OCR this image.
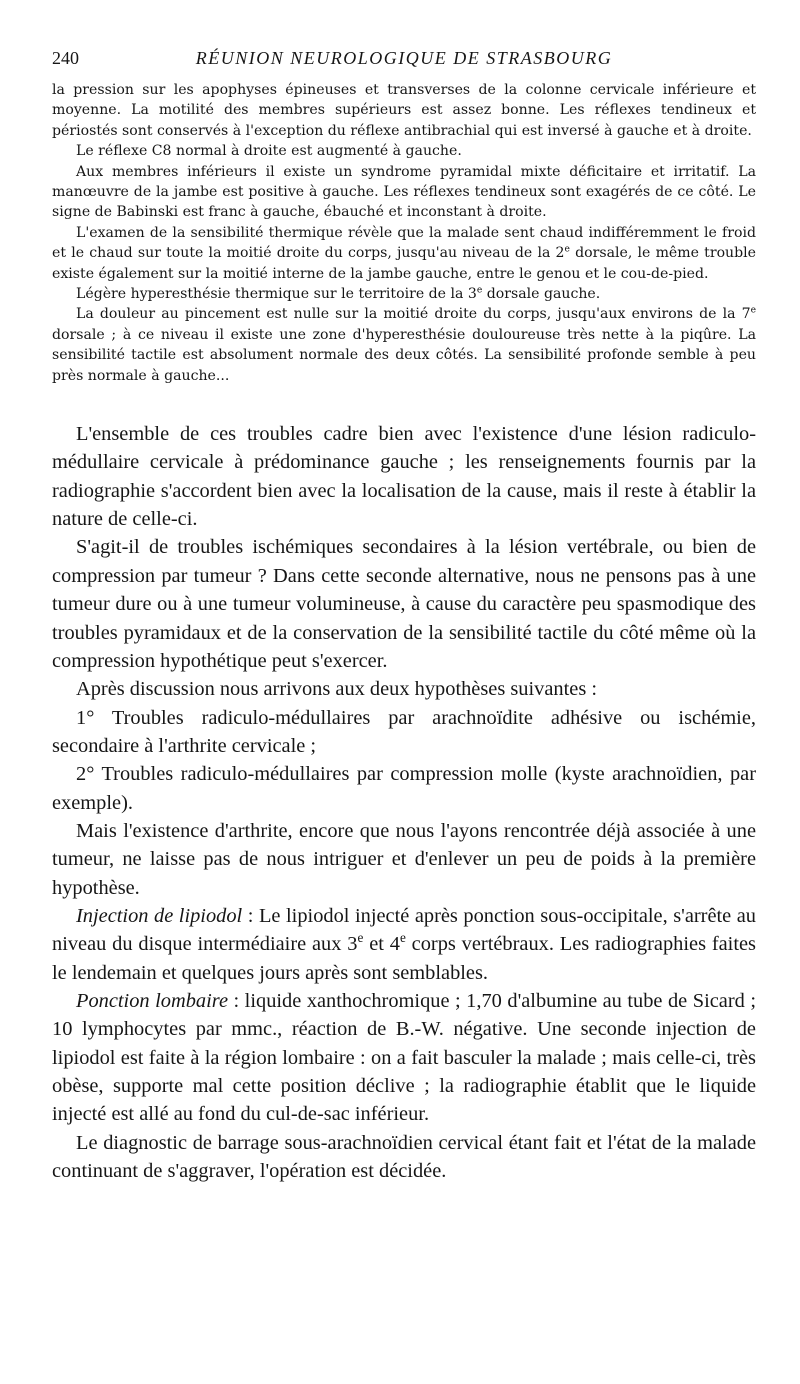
240	RÉUNION NEUROLOGIQUE DE STRASBOURG

la pression sur les apophyses épineuses et transverses de la colonne cervicale inférieure et moyenne. La motilité des membres supérieurs est assez bonne. Les réflexes tendineux et périostés sont conservés à l'exception du réflexe antibrachial qui est inversé à gauche et à droite.

Le réflexe C8 normal à droite est augmenté à gauche.

Aux membres inférieurs il existe un syndrome pyramidal mixte déficitaire et irritatif. La manœuvre de la jambe est positive à gauche. Les réflexes tendineux sont exagérés de ce côté. Le signe de Babinski est franc à gauche, ébauché et inconstant à droite.

L'examen de la sensibilité thermique révèle que la malade sent chaud indifféremment le froid et le chaud sur toute la moitié droite du corps, jusqu'au niveau de la 2e dorsale, le même trouble existe également sur la moitié interne de la jambe gauche, entre le genou et le cou-de-pied.

Légère hyperesthésie thermique sur le territoire de la 3e dorsale gauche.

La douleur au pincement est nulle sur la moitié droite du corps, jusqu'aux environs de la 7e dorsale ; à ce niveau il existe une zone d'hyperesthésie douloureuse très nette à la piqûre. La sensibilité tactile est absolument normale des deux côtés. La sensibilité profonde semble à peu près normale à gauche...

L'ensemble de ces troubles cadre bien avec l'existence d'une lésion radiculo-médullaire cervicale à prédominance gauche ; les renseignements fournis par la radiographie s'accordent bien avec la localisation de la cause, mais il reste à établir la nature de celle-ci.

S'agit-il de troubles ischémiques secondaires à la lésion vertébrale, ou bien de compression par tumeur ? Dans cette seconde alternative, nous ne pensons pas à une tumeur dure ou à une tumeur volumineuse, à cause du caractère peu spasmodique des troubles pyramidaux et de la conservation de la sensibilité tactile du côté même où la compression hypothétique peut s'exercer.

Après discussion nous arrivons aux deux hypothèses suivantes :

1° Troubles radiculo-médullaires par arachnoïdite adhésive ou ischémie, secondaire à l'arthrite cervicale ;

2° Troubles radiculo-médullaires par compression molle (kyste arachnoïdien, par exemple).

Mais l'existence d'arthrite, encore que nous l'ayons rencontrée déjà associée à une tumeur, ne laisse pas de nous intriguer et d'enlever un peu de poids à la première hypothèse.

Injection de lipiodol : Le lipiodol injecté après ponction sous-occipitale, s'arrête au niveau du disque intermédiaire aux 3e et 4e corps vertébraux. Les radiographies faites le lendemain et quelques jours après sont semblables.

Ponction lombaire : liquide xanthochromique ; 1,70 d'albumine au tube de Sicard ; 10 lymphocytes par mmc., réaction de B.-W. négative. Une seconde injection de lipiodol est faite à la région lombaire : on a fait basculer la malade ; mais celle-ci, très obèse, supporte mal cette position déclive ; la radiographie établit que le liquide injecté est allé au fond du cul-de-sac inférieur.

Le diagnostic de barrage sous-arachnoïdien cervical étant fait et l'état de la malade continuant de s'aggraver, l'opération est décidée.
